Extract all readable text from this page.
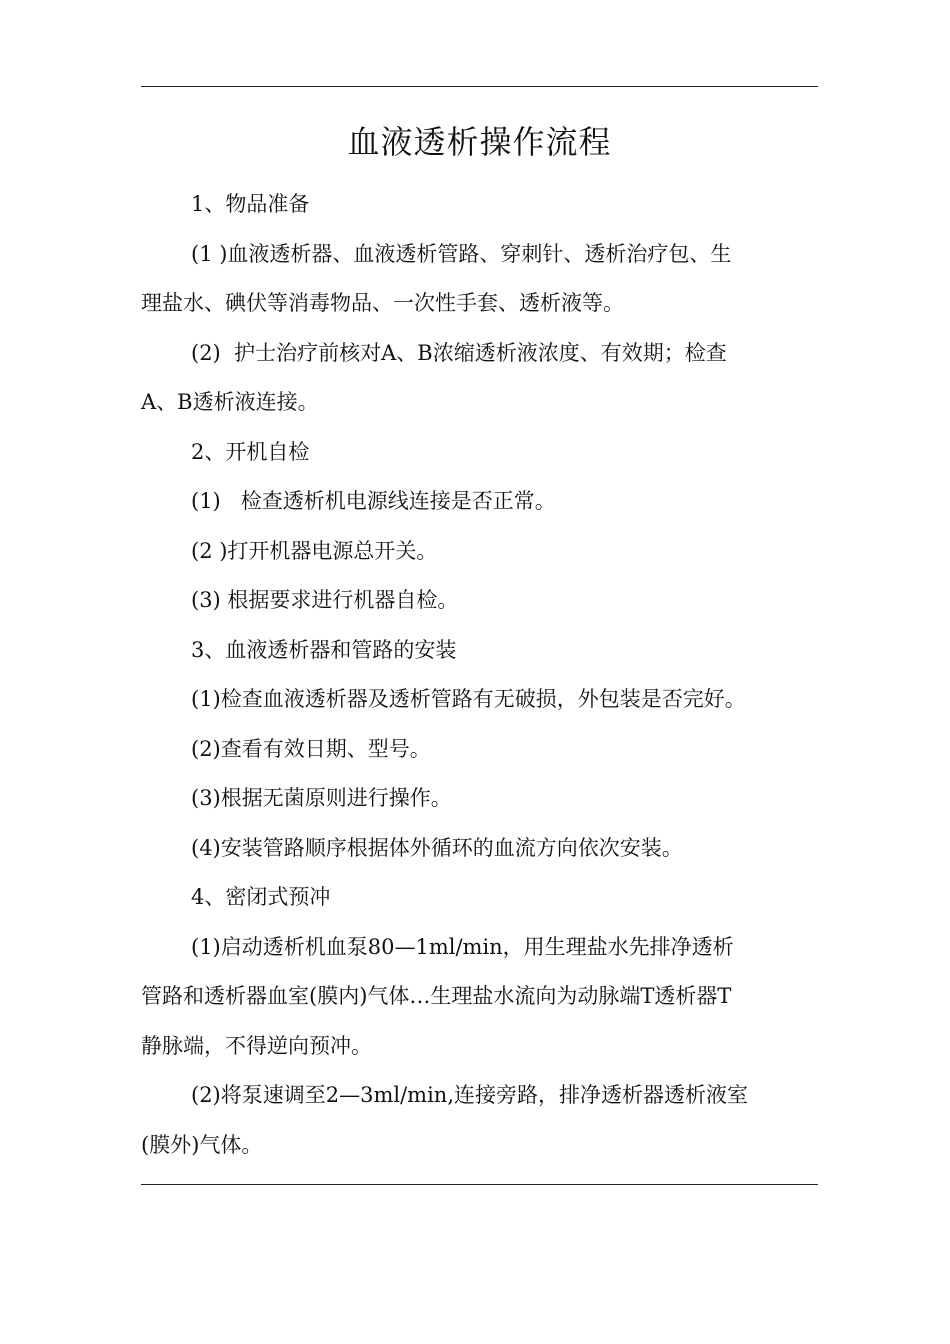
血液透析操作流程
1、物品准备
(1 )血液透析器、血液透析管路、穿刺针、透析治疗包、生
理盐水、碘伏等消毒物品、一次性手套、透析液等。
(2)  护士治疗前核对A、B浓缩透析液浓度、有效期；检查
A、B透析液连接。
2、开机自检
(1)   检查透析机电源线连接是否正常。
(2 )打开机器电源总开关。
(3) 根据要求进行机器自检。
3、血液透析器和管路的安装
(1)检查血液透析器及透析管路有无破损，外包装是否完好。
(2)查看有效日期、型号。
(3)根据无菌原则进行操作。
(4)安装管路顺序根据体外循环的血流方向依次安装。
4、密闭式预冲
(1)启动透析机血泵80—1ml/min，用生理盐水先排净透析
管路和透析器血室(膜内)气体…生理盐水流向为动脉端T透析器T
静脉端，不得逆向预冲。
(2)将泵速调至2—3ml/min,连接旁路，排净透析器透析液室
(膜外)气体。
